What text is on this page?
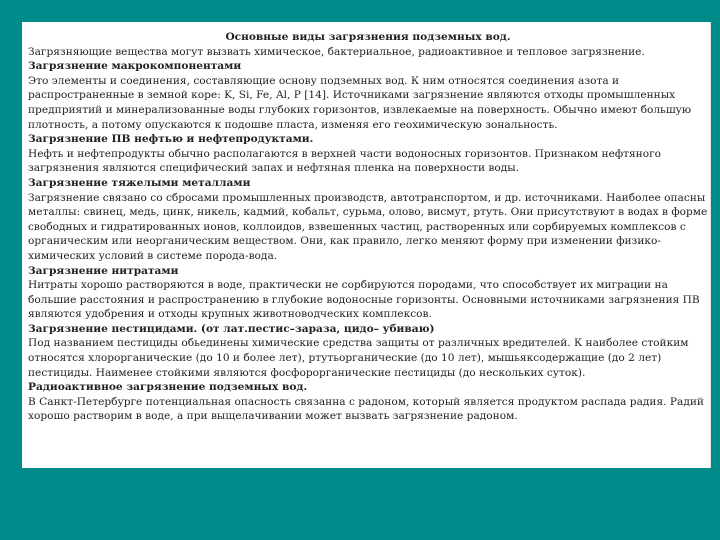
Основные виды загрязнения подземных вод.

Загрязняющие вещества могут вызвать химическое, бактериальное, радиоактивное и тепловое загрязнение.

Загрязнение макрокомпонентами

Это элементы и соединения, составляющие основу подземных вод. К ним относятся соединения азота и распространенные в земной коре: K, Si, Fe, Al, P [14]. Источниками загрязнение являются отходы промышленных предприятий и минерализованные воды глубоких горизонтов, извлекаемые на поверхность. Обычно имеют большую плотность, а потому опускаются к подошве пласта, изменяя его геохимическую зональность.

Загрязнение ПВ нефтью и нефтепродуктами.

Нефть и нефтепродукты обычно располагаются в верхней части водоносных горизонтов. Признаком нефтяного загрязнения являются специфический запах и нефтяная пленка на поверхности воды.

Загрязнение тяжелыми металлами

Загрязнение связано со сбросами промышленных производств, автотранспортом, и др. источниками. Наиболее опасны металлы: свинец, медь, цинк, никель, кадмий, кобальт, сурьма, олово, висмут, ртуть. Они присутствуют в водах в форме свободных и гидратированных ионов, коллоидов, взвешенных частиц, растворенных или сорбируемых комплексов с органическим или неорганическим веществом. Они, как правило, легко меняют форму при изменении физико-химических условий в системе порода-вода.

Загрязнение нитратами

Нитраты хорошо растворяются в воде, практически не сорбируются породами, что способствует их миграции на большие расстояния и распространению в глубокие водоносные горизонты. Основными источниками загрязнения ПВ являются удобрения и отходы крупных животноводческих комплексов.

Загрязнение пестицидами. (от лат.пестис–зараза, цидо– убиваю)

Под названием пестициды обьединены химические средства защиты от различных вредителей. К наиболее стойким относятся хлорорганические (до 10 и более лет), ртутьорганические (до 10 лет), мышьяксодержащие (до 2 лет) пестициды. Наименее стойкими являются фосфорорганические пестициды (до нескольких суток).

Радиоактивное загрязнение подземных вод.

В Санкт-Петербурге потенциальная опасность связанна с радоном, который является продуктом распада радия. Радий хорошо растворим в воде, а при выщелачивании может вызвать загрязнение радоном.
